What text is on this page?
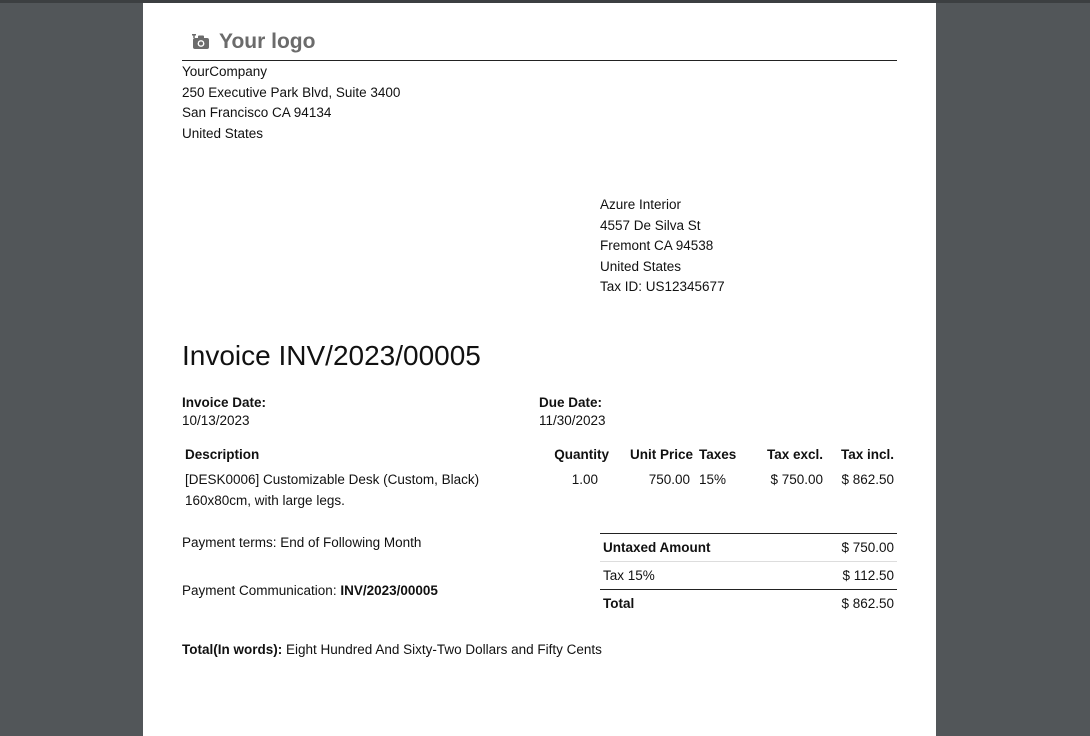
Your logo
YourCompany
250 Executive Park Blvd, Suite 3400
San Francisco CA 94134
United States
Azure Interior
4557 De Silva St
Fremont CA 94538
United States
Tax ID: US12345677
Invoice INV/2023/00005
Invoice Date:
10/13/2023
Due Date:
11/30/2023
Description	Quantity	Unit Price	Taxes	Tax excl.	Tax incl.

[DESK0006] Customizable Desk (Custom, Black)
160x80cm, with large legs.	1.00	750.00	15%	$ 750.00	$ 862.50
Payment terms: End of Following Month
Payment Communication: INV/2023/00005
Untaxed Amount	$ 750.00
Tax 15%	$ 112.50
Total	$ 862.50
Total(In words): Eight Hundred And Sixty-Two Dollars and Fifty Cents
